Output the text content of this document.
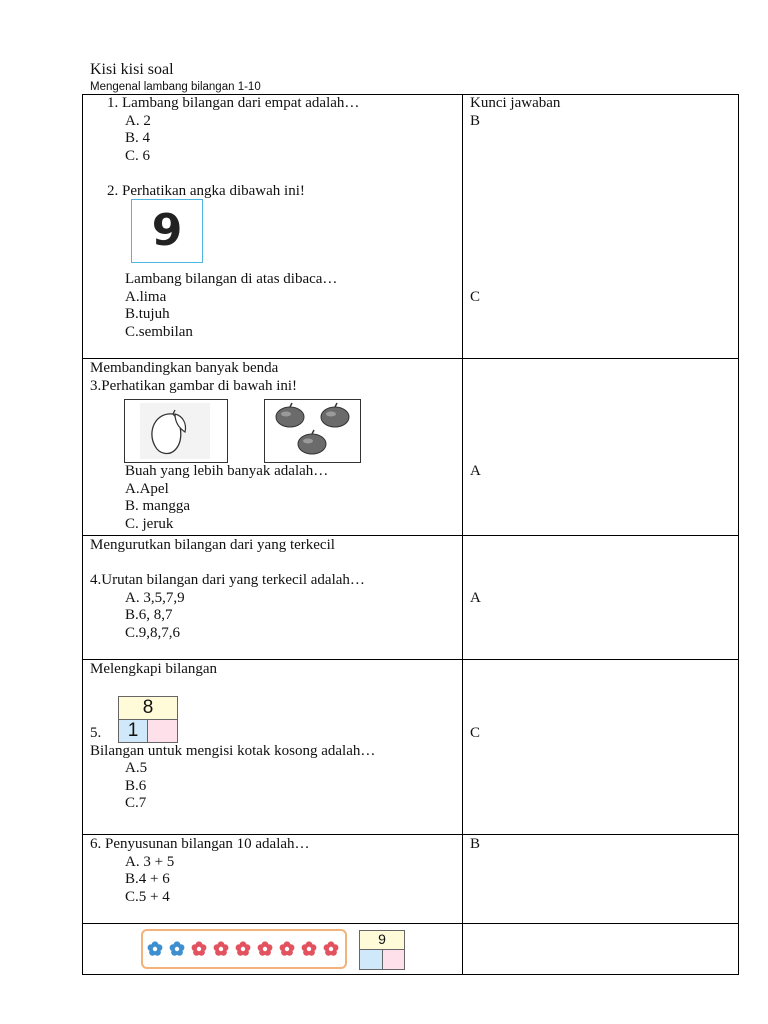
Kisi kisi soal
Mengenal lambang bilangan 1-10
1. Lambang bilangan dari empat adalah…
A. 2
B. 4
C. 6
Kunci jawaban
B
2. Perhatikan angka dibawah ini!
9
Lambang bilangan di atas dibaca…
A.lima
B.tujuh
C.sembilan
C
Membandingkan banyak benda
3.Perhatikan gambar di bawah ini!
Buah yang lebih banyak adalah…
A.Apel
B. mangga
C. jeruk
A
Mengurutkan bilangan dari yang terkecil
4.Urutan bilangan dari yang terkecil adalah…
A. 3,5,7,9
B.6, 8,7
C.9,8,7,6
A
Melengkapi bilangan
8
1
5.
Bilangan untuk mengisi kotak kosong adalah…
A.5
B.6
C.7
C
6. Penyusunan bilangan 10 adalah…
A. 3 + 5
B.4 + 6
C.5 + 4
B
9
